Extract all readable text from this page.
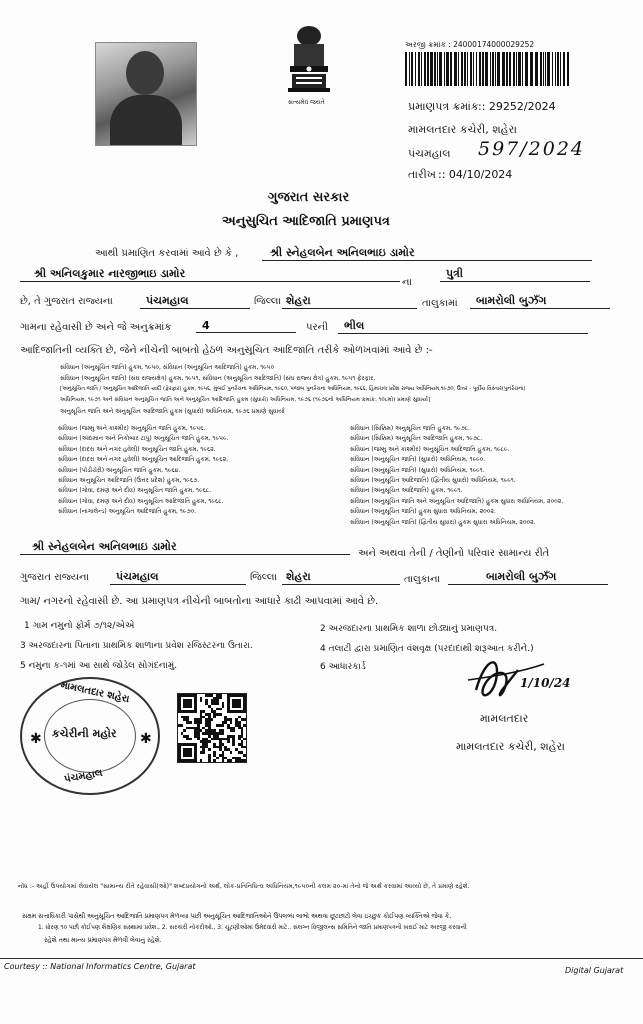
સત્યમેવ જયતે
અરજી ક્રમાંક : 24000174000029252
પ્રમાણપત્ર ક્રમાંક :: 29252/2024
મામલતદાર કચેરી, શહેરા
પંચમહાલ 597/2024
તારીખ :: 04/10/2024
ગુજરાત સરકાર
અનુસુચિત આદિજાતિ પ્રમાણપત્ર
આથી પ્રમાણિત કરવામાં આવે છે કે ,	શ્રી સ્નેહલબેન અનિલભાઇ ડામોર
શ્રી અનિલકુમાર નારજીભાઇ ડામોર
ના
પુત્રી
છે, તે ગુજરાત રાજ્યના	પંચમહાલ	જિલ્લા શેહરા	તાલુકામાં	બામરોલી બુઝઁગ
ગામના રહેવાસી છે અને જે અનુક્રમાંક	4	પરની	ભીલ
આદિજાતિની વ્યક્તિ છે, જેને નીચેની બાબતો હેઠળ અનુસૂચિત આદિજાતિ તરીકે ઓળખવામાં આવે છે :-
સંવિધાન (અનુસૂચિત જાતિ) હુકમ, ૧૯૫૦, સંવિધાન (અનુસૂચિત આદિજાતિ) હુકમ, ૧૯૫૦
સંવિધાન (અનુસૂચિત જાતિ) (સંઘ રાજ્યક્ષેત્ર) હુકમ, ૧૯૫૧, સંવિધાન (અનુસૂચિત આદિજાતિ) (સંઘ રાજ્ય ક્ષેત્ર) હુકમ, ૧૯૫૧ ફેરફાર,
[અનુસૂચિત જાતિ / અનુસૂચિત આદિજાતિ યાદી (ફેરફાર) હુકમ, ૧૯૫૬, મુંબઈ પુનર્રચના અધિનિયમ, ૧૯૬૦, પંજાબ પુનર્રચના અધિનિયમ, ૧૯૬૬, હિમાચલ પ્રદેશ રાજ્ય અધિનિયમ,૧૯૭૦, ઉત્તર - પૂર્વીય વિસ્તાર(પુનર્રચના)
અધિનિયમ, ૧૯૭૧ અને સંવિધાન અનુસૂચિત જાતિ અને અનુસૂચિત આદિજાતિ હુકમ (સુધારો) અધિનિયમ, ૧૯૭૬ (૧૯૭૬નો અધિનિયમ ક્રમાંક: ૧૦૮મો) પ્રમાણે સુધાર્યા]
અનુસૂચિત જાતિ અને અનુસૂચિત આદિજાતિ હુકમ (સુધારો) અધિનિયમ, ૧૯૭૬ પ્રમાણે સુધાર્યા
સંવિધાન (જમ્મુ અને કાશ્મીર) અનુસૂચિત જાતિ હુકમ, ૧૯૫૬.
સંવિધાન (અંદામાન અને નિકોબાર ટાપુ) અનુસૂચિત જાતિ હુકમ, ૧૯૫૯.
સંવિધાન (દાદરા અને નગર હવેલી) અનુસૂચિત જાતિ હુકમ, ૧૯૬૨.
સંવિધાન (દાદરા અને નગર હવેલી) અનુસૂચિત આદિજાતિ હુકમ, ૧૯૬૨.
સંવિધાન (પોંડીચેરી) અનુસૂચિત જાતિ હુકમ, ૧૯૬૪.
સંવિધાન અનુસૂચિત આદિજાતિ (ઉત્તર પ્રદેશ) હુકમ, ૧૯૬૭.
સંવિધાન (ગોવા, દમણ અને દીવ) અનુસૂચિત જાતિ હુકમ, ૧૯૬૮.
સંવિધાન (ગોવા, દમણ અને દીવ) અનુસૂચિત આદિજાતિ હુકમ, ૧૯૬૮.
સંવિધાન (નાગાલેન્ડ) અનુસૂચિત આદિજાતિ હુકમ, ૧૯૭૦.
સંવિધાન (સિક્કિમ) અનુસૂચિત જાતિ હુકમ, ૧૯૭૮.
સંવિધાન (સિક્કિમ) અનુસૂચિત આદિજાતિ હુકમ, ૧૯૭૮.
સંવિધાન (જમ્મુ અને કાશ્મીર) અનુસૂચિત આદિજાતિ હુકમ, ૧૯૮૯.
સંવિધાન (અનુસૂચિત જાતિ) (સુધારો) અધિનિયમ, ૧૯૯૦.
સંવિધાન (અનુસૂચિત જાતિ) (સુધારો) અધિનિયમ, ૧૯૯૧.
સંવિધાન (અનુસૂચિત આદિજાતિ) (દ્વિતીય સુધારો) અધિનિયમ, ૧૯૯૧.
સંવિધાન (અનુસૂચિત આદિજાતિ) હુકમ, ૧૯૯૧.
સંવિધાન (અનુસૂચિત જાતિ અને અનુસૂચિત આદિજાતિ) હુકમ સુધારા અધિનિયમ, ૨૦૦૨.
સંવિધાન (અનુસૂચિત જાતિ) હુકમ સુધારા અધિનિયમ, ૨૦૦૨.
સંવિધાન (અનુસૂચિત જાતિ) (દ્વિતીય સુધારા) હુકમ સુધારા અધિનિયમ, ૨૦૦૨.
શ્રી સ્નેહલબેન અનિલભાઇ ડામોર
અને અથવા તેની / તેણીનો પરિવાર સામાન્ય રીતે
ગુજરાત રાજ્યના	પંચમહાલ	જિલ્લા શેહરા	તાલુકાના	બામરોલી બુઝઁગ
ગામ/ નગરનો રહેવાસી છે. આ પ્રમાણપત્ર નીચેની બાબતોના આધારે કાઢી આપવામાં આવે છે.
1 ગામ નમુનો ફોર્મ ૭/૧૨/એએ
3 અરજદારના પિતાના પ્રાથમિક શાળાના પ્રવેશ રજિસ્ટરના ઉતારા.
5 નમુના ક-૧માં આ સાથે જોડેલ સોગંદનામું.
2 અરજદારના પ્રાથમિક શાળા છોડ્યાનું પ્રમાણપત્ર.
4 તલાટી દ્વારા પ્રમાણિત વંશવૃક્ષ (પરદાદાથી શરૂઆત કરીને.)
6 આધારકાર્ડ
મામલતદાર શહેરા
કચેરીની મહોર
પંચમહાલ
✱	✱
1/10/24
મામલતદાર
મામલતદાર કચેરી, શહેરા
નોંધ :- અહીં ઉપયોગમાં લેવાયેલ "સામાન્ય રીતે રહેવાસી(ઓ)" શબ્દપ્રયોગનો અર્થ, લોક-પ્રતિનિધિત્વ અધિનિયમ,૧૯૫૦ની કલમ ૨૦-માં તેનો જે અર્થ કરવામાં આવ્યો છે, તે પ્રમાણે રહેશે.
સક્ષમ સત્તાધિકારી પાસેથી અનુસૂચિત આદિજાતિ પ્રમાણપત્ર મેળવ્યા પછી અનુસૂચિત આદિજાતિઓને ઉપલબ્ધ લાભો અથવા છૂટછાટો લેવા ઇચ્છુક કોઈપણ વ્યક્તિએ જેવા કે,
1. ધોરણ ૧૦ પછી કોઈપણ શૈક્ષણિક સંસ્થામાં પ્રવેશ., 2. સરકારી નોકરીઓ., 3. ચૂંટણીઓમાં ઉમેદવારી માટે.. સંલગ્ન વિજીલન્સ સમિતિને જાતિ પ્રમાણપત્રની ખરાઈ માટે અરજી કરવાની
રહેશે તથા માન્ય પ્રમાણપત્ર મેળવી લેવાનું રહેશે.
Courtesy :: National Informatics Centre, Gujarat	Digital Gujarat
